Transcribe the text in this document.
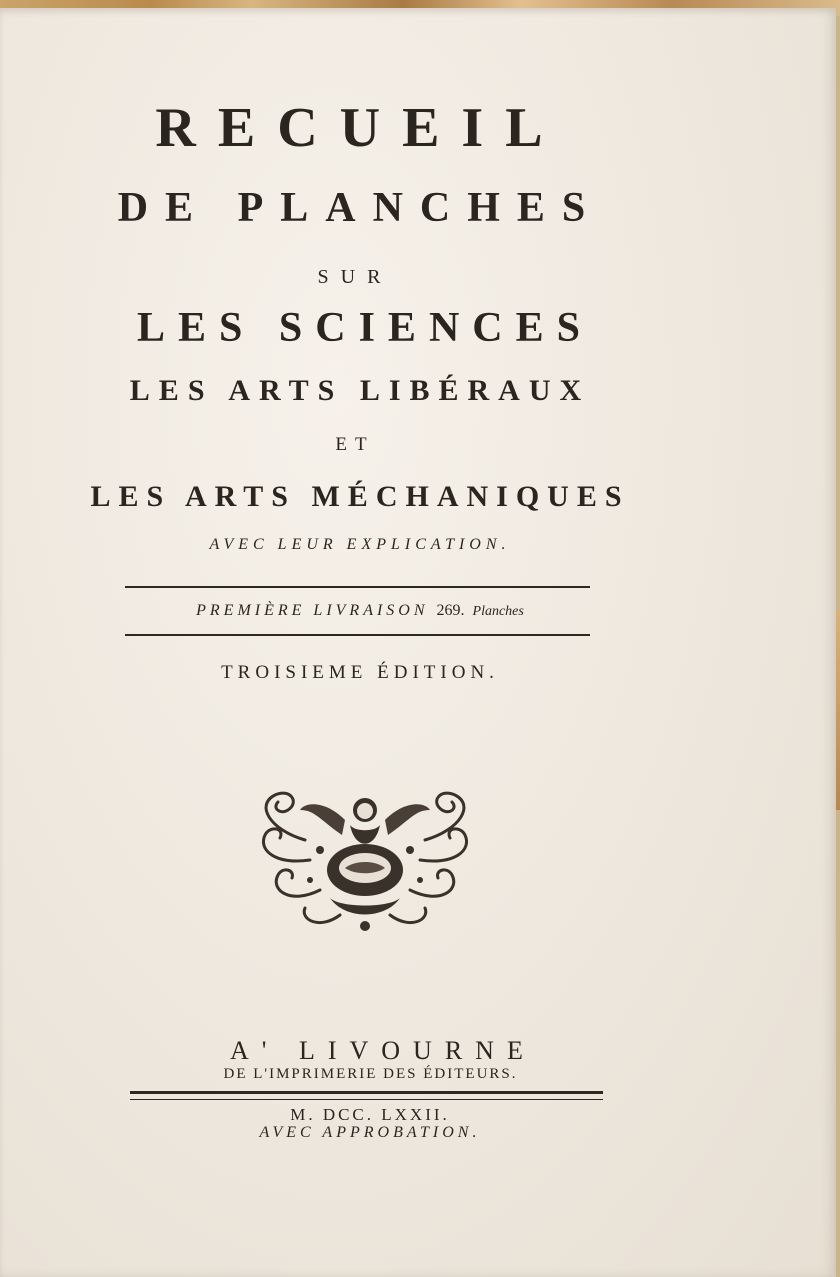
RECUEIL
DE PLANCHES
SUR
LES SCIENCES
LES ARTS LIBÉRAUX
ET
LES ARTS MÉCHANIQUES
AVEC LEUR EXPLICATION.
PREMIÈRE LIVRAISON 269. Planches
TROISIEME ÉDITION.
A' LIVOURNE
DE L'IMPRIMERIE DES ÉDITEURS.
M. DCC. LXXII.
AVEC APPROBATION.
